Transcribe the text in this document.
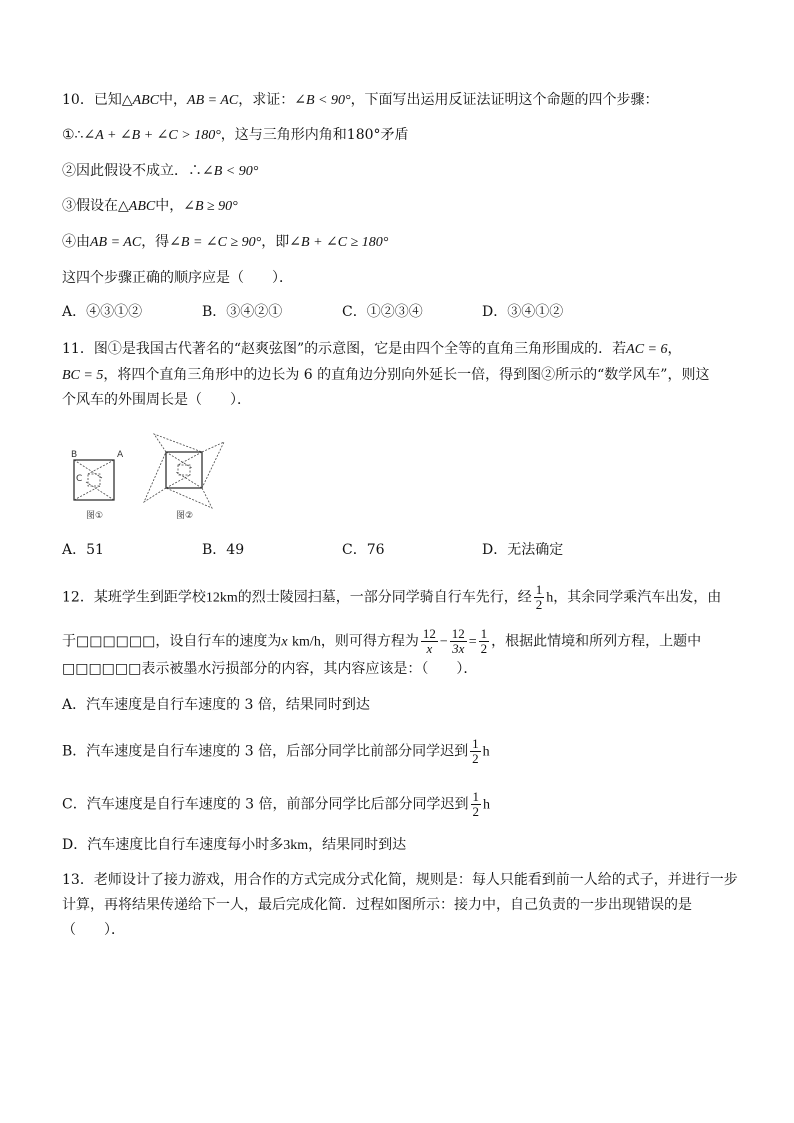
10．已知△ABC中，AB = AC，求证：∠B < 90°，下面写出运用反证法证明这个命题的四个步骤：
①∴∠A + ∠B + ∠C > 180°，这与三角形内角和180°矛盾
②因此假设不成立．∴∠B < 90°
③假设在△ABC中，∠B ≥ 90°
④由AB = AC，得∠B = ∠C ≥ 90°，即∠B + ∠C ≥ 180°
这四个步骤正确的顺序应是（　　）．
A．④③①②	B．③④②①	C．①②③④	D．③④①②
11．图①是我国古代著名的“赵爽弦图”的示意图，它是由四个全等的直角三角形围成的．若AC = 6，
BC = 5，将四个直角三角形中的边长为 6 的直角边分别向外延长一倍，得到图②所示的“数学风车”，则这
个风车的外围周长是（　　）．
B	A
C
图①	图②
A．51	B．49	C．76	D．无法确定
12．某班学生到距学校12km的烈士陵园扫墓，一部分同学骑自行车先行，经 $\frac{1}{2}$ h，其余同学乘汽车出发，由
于□□□□□□，设自行车的速度为x km/h，则可得方程为 $\frac{12}{x} - \frac{12}{3x} = \frac{1}{2}$ ，根据此情境和所列方程，上题中
□□□□□□表示被墨水污损部分的内容，其内容应该是：（　　）．
A．汽车速度是自行车速度的 3 倍，结果同时到达
B．汽车速度是自行车速度的 3 倍，后部分同学比前部分同学迟到 $\frac{1}{2}$ h
C．汽车速度是自行车速度的 3 倍，前部分同学比后部分同学迟到 $\frac{1}{2}$ h
D．汽车速度比自行车速度每小时多3km，结果同时到达
13．老师设计了接力游戏，用合作的方式完成分式化简，规则是：每人只能看到前一人给的式子，并进行一步
计算，再将结果传递给下一人，最后完成化简．过程如图所示：接力中，自己负责的一步出现错误的是
（　　）．
